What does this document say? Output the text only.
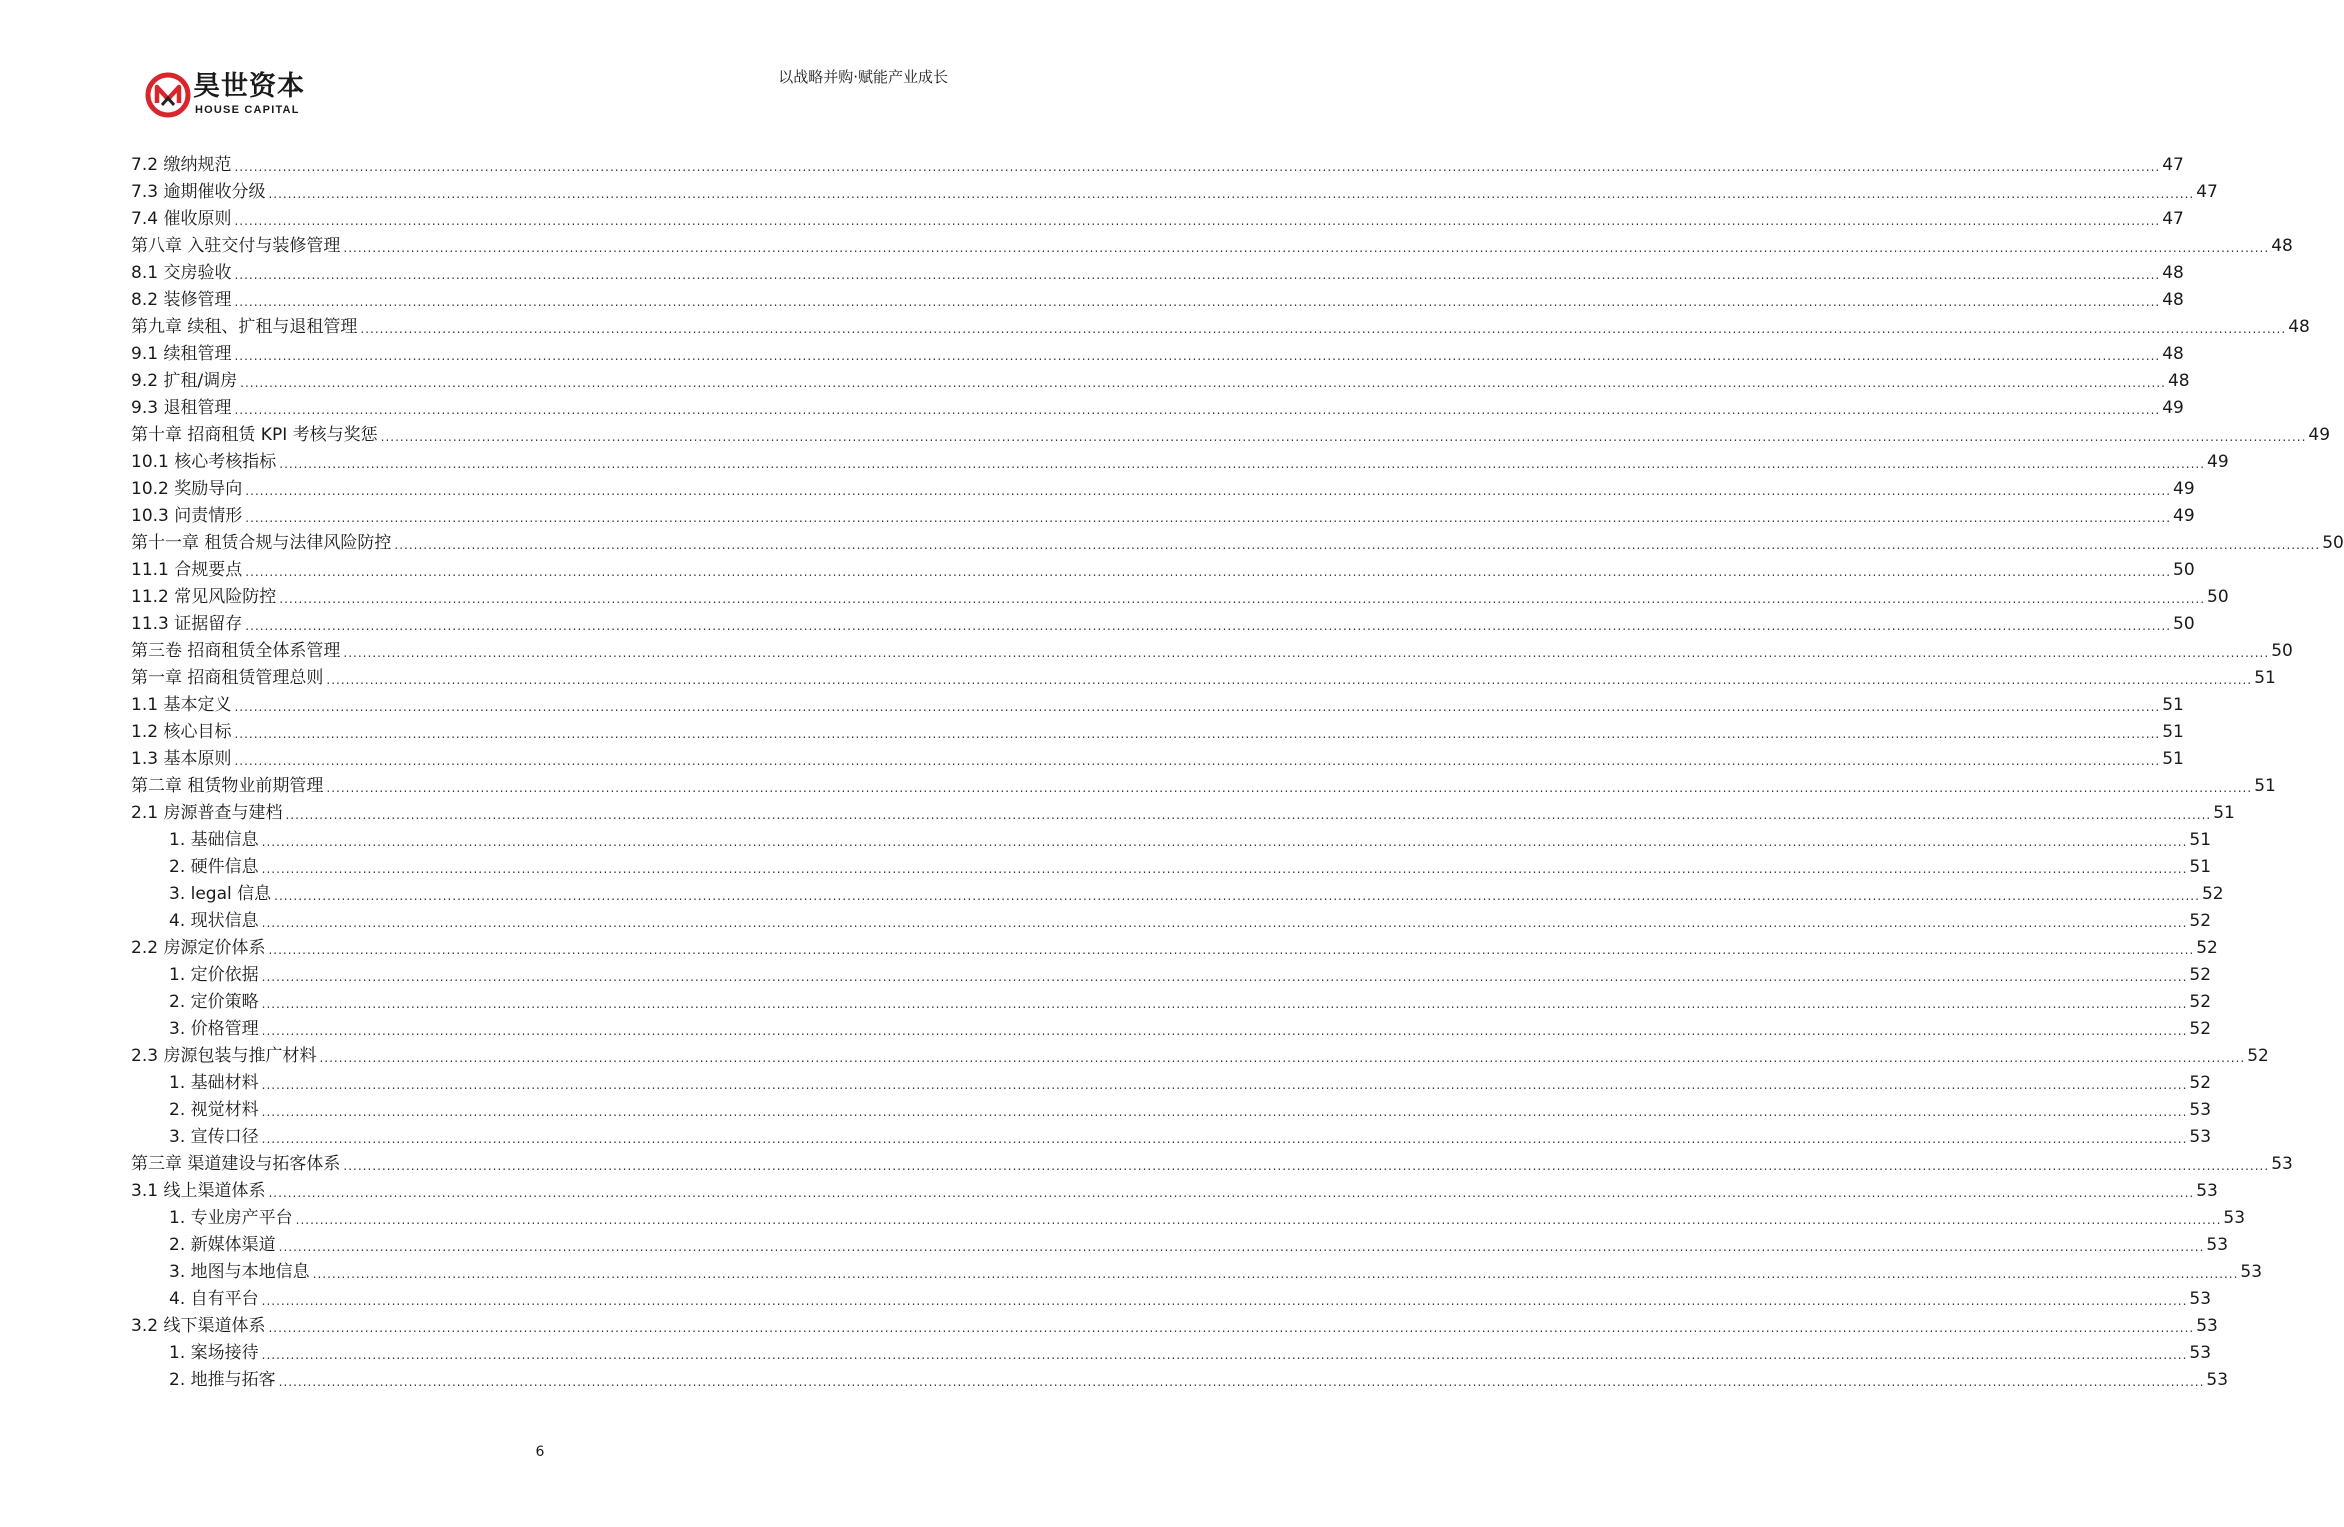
昊世资本
HOUSE CAPITAL
以战略并购·赋能产业成长
7.2 缴纳规范 ................................................................................................................................................................................................................................................................................................................................................................................................................ 47
7.3 逾期催收分级 ................................................................................................................................................................................................................................................................................................................................................................................................................ 47
7.4 催收原则 ................................................................................................................................................................................................................................................................................................................................................................................................................ 47
第八章 入驻交付与装修管理 ................................................................................................................................................................................................................................................................................................................................................................................................................ 48
8.1 交房验收 ................................................................................................................................................................................................................................................................................................................................................................................................................ 48
8.2 装修管理 ................................................................................................................................................................................................................................................................................................................................................................................................................ 48
第九章 续租、扩租与退租管理 ................................................................................................................................................................................................................................................................................................................................................................................................................ 48
9.1 续租管理 ................................................................................................................................................................................................................................................................................................................................................................................................................ 48
9.2 扩租/调房 ................................................................................................................................................................................................................................................................................................................................................................................................................ 48
9.3 退租管理 ................................................................................................................................................................................................................................................................................................................................................................................................................ 49
第十章 招商租赁 KPI 考核与奖惩 ................................................................................................................................................................................................................................................................................................................................................................................................................ 49
10.1 核心考核指标 ................................................................................................................................................................................................................................................................................................................................................................................................................ 49
10.2 奖励导向 ................................................................................................................................................................................................................................................................................................................................................................................................................ 49
10.3 问责情形 ................................................................................................................................................................................................................................................................................................................................................................................................................ 49
第十一章 租赁合规与法律风险防控 ................................................................................................................................................................................................................................................................................................................................................................................................................ 50
11.1 合规要点 ................................................................................................................................................................................................................................................................................................................................................................................................................ 50
11.2 常见风险防控 ................................................................................................................................................................................................................................................................................................................................................................................................................ 50
11.3 证据留存 ................................................................................................................................................................................................................................................................................................................................................................................................................ 50
第三卷 招商租赁全体系管理 ................................................................................................................................................................................................................................................................................................................................................................................................................ 50
第一章 招商租赁管理总则 ................................................................................................................................................................................................................................................................................................................................................................................................................ 51
1.1 基本定义 ................................................................................................................................................................................................................................................................................................................................................................................................................ 51
1.2 核心目标 ................................................................................................................................................................................................................................................................................................................................................................................................................ 51
1.3 基本原则 ................................................................................................................................................................................................................................................................................................................................................................................................................ 51
第二章 租赁物业前期管理 ................................................................................................................................................................................................................................................................................................................................................................................................................ 51
2.1 房源普查与建档 ................................................................................................................................................................................................................................................................................................................................................................................................................ 51
1. 基础信息 ................................................................................................................................................................................................................................................................................................................................................................................................................ 51
2. 硬件信息 ................................................................................................................................................................................................................................................................................................................................................................................................................ 51
3. legal 信息 ................................................................................................................................................................................................................................................................................................................................................................................................................ 52
4. 现状信息 ................................................................................................................................................................................................................................................................................................................................................................................................................ 52
2.2 房源定价体系 ................................................................................................................................................................................................................................................................................................................................................................................................................ 52
1. 定价依据 ................................................................................................................................................................................................................................................................................................................................................................................................................ 52
2. 定价策略 ................................................................................................................................................................................................................................................................................................................................................................................................................ 52
3. 价格管理 ................................................................................................................................................................................................................................................................................................................................................................................................................ 52
2.3 房源包装与推广材料 ................................................................................................................................................................................................................................................................................................................................................................................................................ 52
1. 基础材料 ................................................................................................................................................................................................................................................................................................................................................................................................................ 52
2. 视觉材料 ................................................................................................................................................................................................................................................................................................................................................................................................................ 53
3. 宣传口径 ................................................................................................................................................................................................................................................................................................................................................................................................................ 53
第三章 渠道建设与拓客体系 ................................................................................................................................................................................................................................................................................................................................................................................................................ 53
3.1 线上渠道体系 ................................................................................................................................................................................................................................................................................................................................................................................................................ 53
1. 专业房产平台 ................................................................................................................................................................................................................................................................................................................................................................................................................ 53
2. 新媒体渠道 ................................................................................................................................................................................................................................................................................................................................................................................................................ 53
3. 地图与本地信息 ................................................................................................................................................................................................................................................................................................................................................................................................................ 53
4. 自有平台 ................................................................................................................................................................................................................................................................................................................................................................................................................ 53
3.2 线下渠道体系 ................................................................................................................................................................................................................................................................................................................................................................................................................ 53
1. 案场接待 ................................................................................................................................................................................................................................................................................................................................................................................................................ 53
2. 地推与拓客 ................................................................................................................................................................................................................................................................................................................................................................................................................ 53
6
